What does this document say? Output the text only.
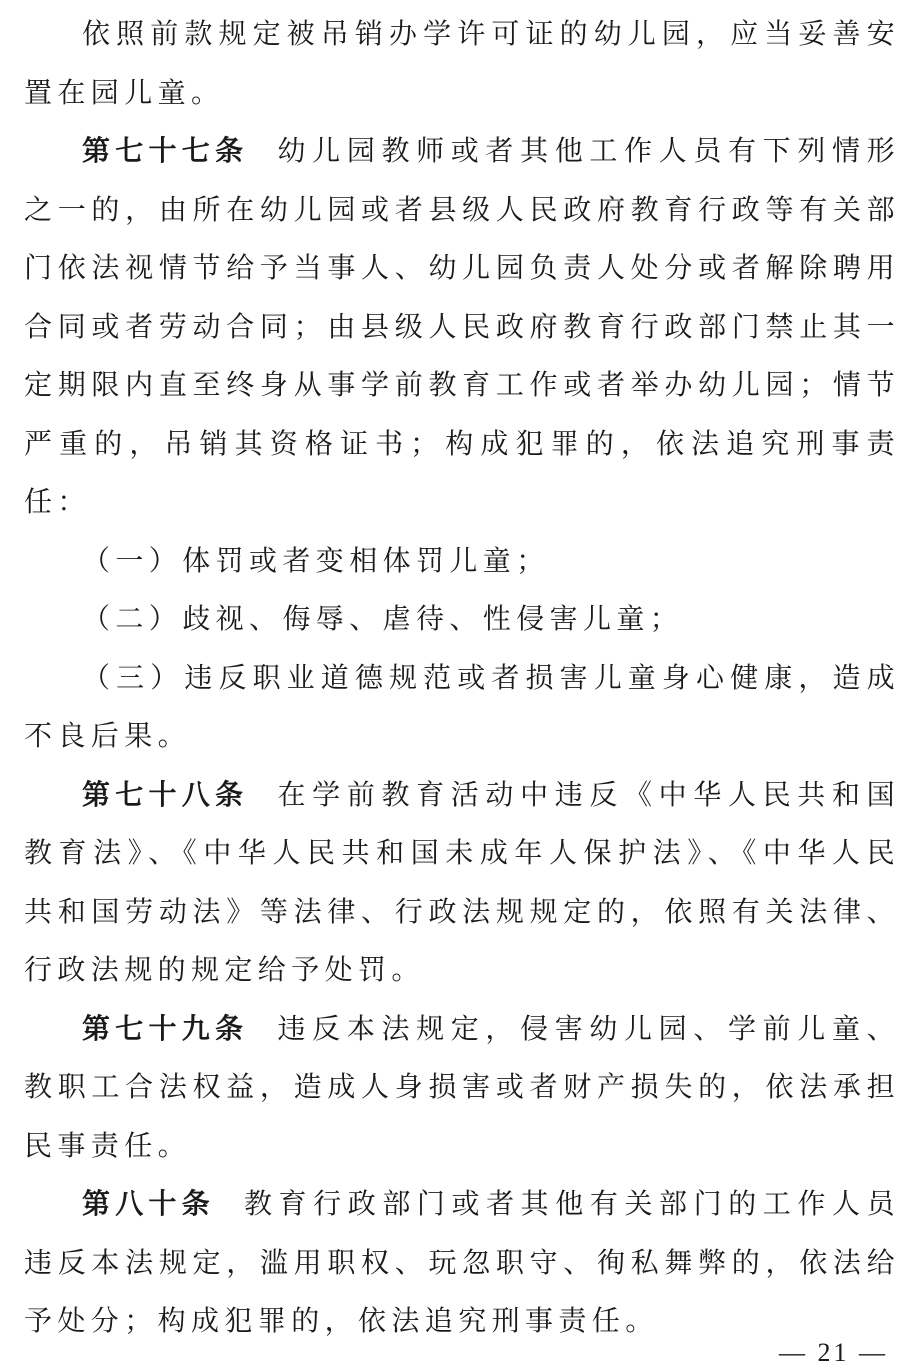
依照前款规定被吊销办学许可证的幼儿园，应当妥善安置在园儿童。

第七十七条 幼儿园教师或者其他工作人员有下列情形之一的，由所在幼儿园或者县级人民政府教育行政等有关部门依法视情节给予当事人、幼儿园负责人处分或者解除聘用合同或者劳动合同；由县级人民政府教育行政部门禁止其一定期限内直至终身从事学前教育工作或者举办幼儿园；情节严重的，吊销其资格证书；构成犯罪的，依法追究刑事责任：

（一）体罚或者变相体罚儿童；

（二）歧视、侮辱、虐待、性侵害儿童；

（三）违反职业道德规范或者损害儿童身心健康，造成不良后果。

第七十八条 在学前教育活动中违反《中华人民共和国教育法》、《中华人民共和国未成年人保护法》、《中华人民共和国劳动法》等法律、行政法规规定的，依照有关法律、行政法规的规定给予处罚。

第七十九条 违反本法规定，侵害幼儿园、学前儿童、教职工合法权益，造成人身损害或者财产损失的，依法承担民事责任。

第八十条 教育行政部门或者其他有关部门的工作人员违反本法规定，滥用职权、玩忽职守、徇私舞弊的，依法给予处分；构成犯罪的，依法追究刑事责任。

— 21 —
